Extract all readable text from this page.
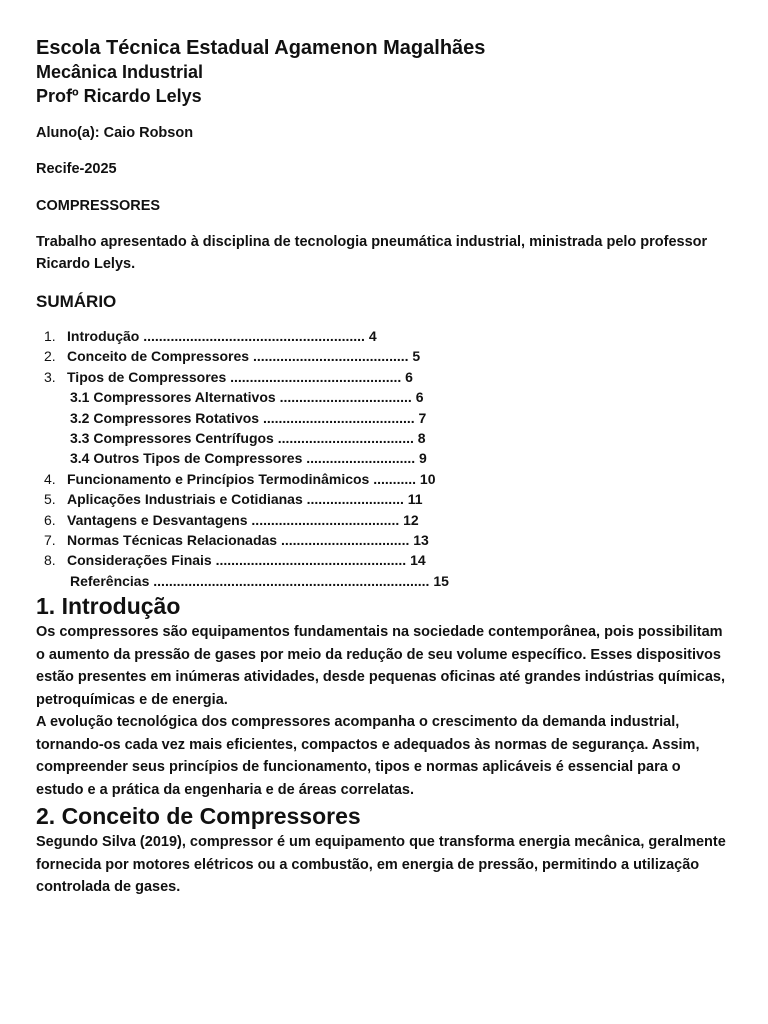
Escola Técnica Estadual Agamenon Magalhães
Mecânica Industrial
Profº Ricardo Lelys

Aluno(a): Caio Robson

Recife-2025

COMPRESSORES

Trabalho apresentado à disciplina de tecnologia pneumática industrial, ministrada pelo professor Ricardo Lelys.

SUMÁRIO
1. Introdução ......................................................... 4
2. Conceito de Compressores ........................................ 5
3. Tipos de Compressores ............................................ 6
3.1 Compressores Alternativos .................................. 6
3.2 Compressores Rotativos ....................................... 7
3.3 Compressores Centrífugos ................................... 8
3.4 Outros Tipos de Compressores ............................ 9
4. Funcionamento e Princípios Termodinâmicos ........... 10
5. Aplicações Industriais e Cotidianas ......................... 11
6. Vantagens e Desvantagens ...................................... 12
7. Normas Técnicas Relacionadas ................................. 13
8. Considerações Finais ................................................. 14
Referências ....................................................................... 15
1. Introdução

Os compressores são equipamentos fundamentais na sociedade contemporânea, pois possibilitam o aumento da pressão de gases por meio da redução de seu volume específico. Esses dispositivos estão presentes em inúmeras atividades, desde pequenas oficinas até grandes indústrias químicas, petroquímicas e de energia.

A evolução tecnológica dos compressores acompanha o crescimento da demanda industrial, tornando-os cada vez mais eficientes, compactos e adequados às normas de segurança. Assim, compreender seus princípios de funcionamento, tipos e normas aplicáveis é essencial para o estudo e a prática da engenharia e de áreas correlatas.

2. Conceito de Compressores

Segundo Silva (2019), compressor é um equipamento que transforma energia mecânica, geralmente fornecida por motores elétricos ou a combustão, em energia de pressão, permitindo a utilização controlada de gases.
